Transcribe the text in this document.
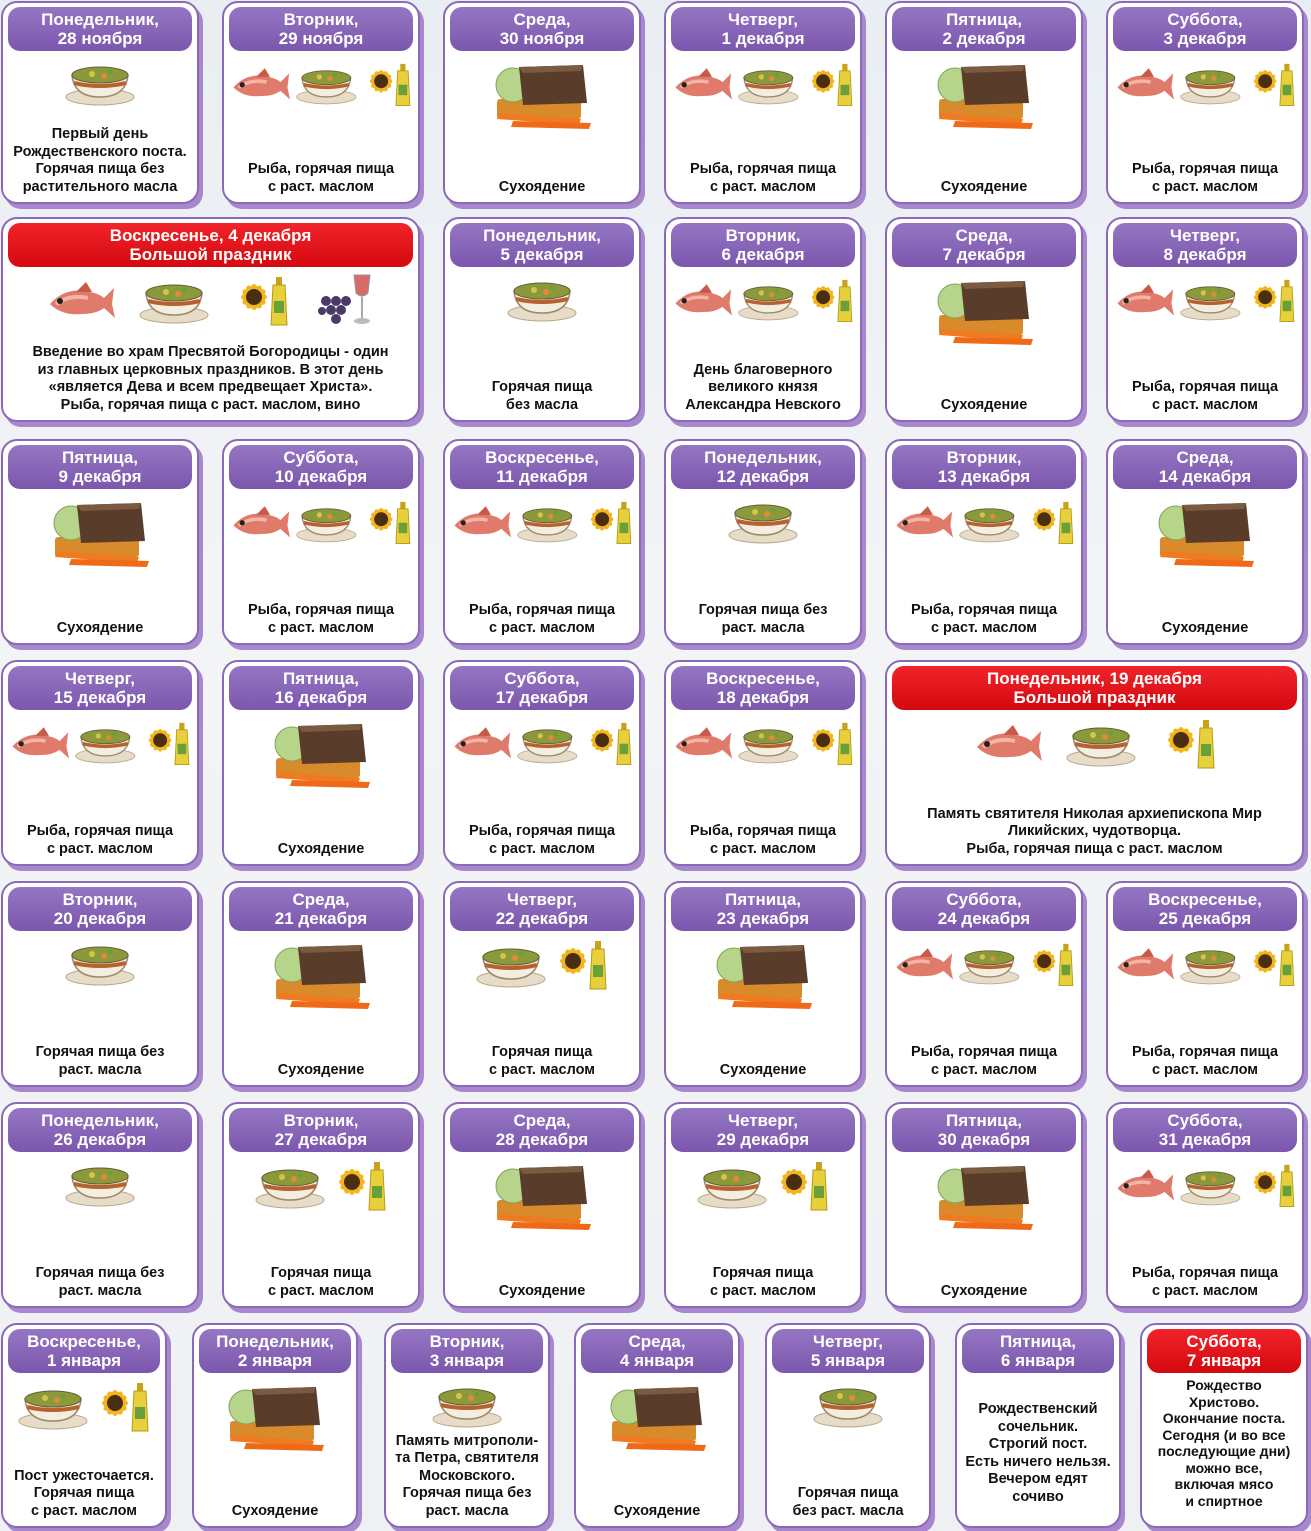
Понедельник,
28 ноября
Первый день
Рождественского поста.
Горячая пища без
растительного масла
Вторник,
29 ноября
Рыба, горячая пища
с раст. маслом
Среда,
30 ноября
Сухоядение
Четверг,
1 декабря
Рыба, горячая пища
с раст. маслом
Пятница,
2 декабря
Сухоядение
Суббота,
3 декабря
Рыба, горячая пища
с раст. маслом
Воскресенье, 4 декабря
Большой праздник
Введение во храм Пресвятой Богородицы - один
из главных церковных праздников. В этот день
«является Дева и всем предвещает Христа».
Рыба, горячая пища с раст. маслом, вино
Понедельник,
5 декабря
Горячая пища
без масла
Вторник,
6 декабря
День благоверного
великого князя
Александра Невского
Среда,
7 декабря
Сухоядение
Четверг,
8 декабря
Рыба, горячая пища
с раст. маслом
Пятница,
9 декабря
Сухоядение
Суббота,
10 декабря
Рыба, горячая пища
с раст. маслом
Воскресенье,
11 декабря
Рыба, горячая пища
с раст. маслом
Понедельник,
12 декабря
Горячая пища без
раст. масла
Вторник,
13 декабря
Рыба, горячая пища
с раст. маслом
Среда,
14 декабря
Сухоядение
Четверг,
15 декабря
Рыба, горячая пища
с раст. маслом
Пятница,
16 декабря
Сухоядение
Суббота,
17 декабря
Рыба, горячая пища
с раст. маслом
Воскресенье,
18 декабря
Рыба, горячая пища
с раст. маслом
Понедельник, 19 декабря
Большой праздник
Память святителя Николая архиепископа Мир
Ликийских, чудотворца.
Рыба, горячая пища с раст. маслом
Вторник,
20 декабря
Горячая пища без
раст. масла
Среда,
21 декабря
Сухоядение
Четверг,
22 декабря
Горячая пища
с раст. маслом
Пятница,
23 декабря
Сухоядение
Суббота,
24 декабря
Рыба, горячая пища
с раст. маслом
Воскресенье,
25 декабря
Рыба, горячая пища
с раст. маслом
Понедельник,
26 декабря
Горячая пища без
раст. масла
Вторник,
27 декабря
Горячая пища
с раст. маслом
Среда,
28 декабря
Сухоядение
Четверг,
29 декабря
Горячая пища
с раст. маслом
Пятница,
30 декабря
Сухоядение
Суббота,
31 декабря
Рыба, горячая пища
с раст. маслом
Воскресенье,
1 января
Пост ужесточается.
Горячая пища
с раст. маслом
Понедельник,
2 января
Сухоядение
Вторник,
3 января
Память митрополи-
та Петра, святителя
Московского.
Горячая пища без
раст. масла
Среда,
4 января
Сухоядение
Четверг,
5 января
Горячая пища
без раст. масла
Пятница,
6 января
Рождественский
сочельник.
Строгий пост.
Есть ничего нельзя.
Вечером едят
сочиво
Суббота,
7 января
Рождество
Христово.
Окончание поста.
Сегодня (и во все
последующие дни)
можно все,
включая мясо
и спиртное
